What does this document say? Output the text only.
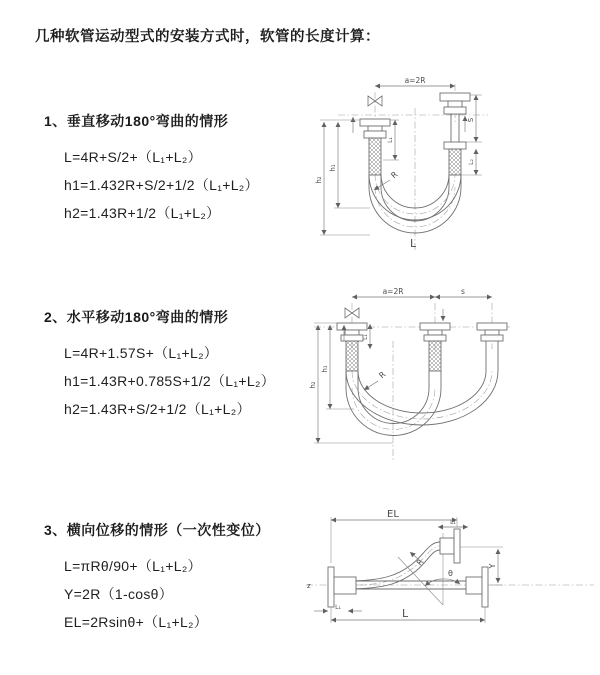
几种软管运动型式的安装方式时，软管的长度计算：
1、垂直移动180°弯曲的情形
L=4R+S/2+（L₁+L₂）
h1=1.432R+S/2+1/2（L₁+L₂）
h2=1.43R+1/2（L₁+L₂）
2、水平移动180°弯曲的情形
L=4R+1.57S+（L₁+L₂）
h1=1.43R+0.785S+1/2（L₁+L₂）
h2=1.43R+S/2+1/2（L₁+L₂）
3、横向位移的情形（一次性变位）
L=πRθ/90+（L₁+L₂）
Y=2R（1-cosθ）
EL=2Rsinθ+（L₁+L₂）
a=2R
S
L₂
L₁
h₁
h₂	R
L
a=2R	s
L₁
h₁
h₂
R
z
θ
EL
L₁
Y
R
L
L₁
